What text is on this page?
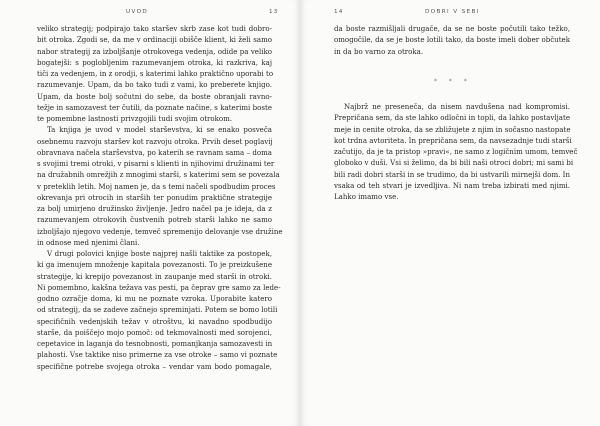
UVOD	13
veliko strategij; podpirajo tako staršev skrb zase kot tudi dobro-
bit otroka. Zgodi se, da me v ordinaciji obišče klient, ki želi samo
nabor strategij za izboljšanje otrokovega vedenja, odide pa veliko
bogatejši: s poglobljenim razumevanjem otroka, ki razkriva, kaj
tiči za vedenjem, in z orodji, s katerimi lahko praktično uporabi to
razumevanje. Upam, da bo tako tudi z vami, ko preberete knjigo.
Upam, da boste bolj sočutni do sebe, da boste obranjali ravno-
težje in samozavest ter čutili, da poznate načine, s katerimi boste
te pomembne lastnosti privzgojili tudi svojim otrokom.
Ta knjiga je uvod v model starševstva, ki se enako posveča
osebnemu razvoju staršev kot razvoju otroka. Prvih deset poglavij
obravnava načela starševstva, po katerih se ravnam sama – doma
s svojimi tremi otroki, v pisarni s klienti in njihovimi družinami ter
na družabnih omrežjih z mnogimi starši, s katerimi sem se povezala
v preteklih letih. Moj namen je, da s temi načeli spodbudim proces
okrevanja pri otrocih in starših ter ponudim praktične strategije
za bolj umirjeno družinsko življenje. Jedro načel pa je ideja, da z
razumevanjem otrokovih čustvenih potreb starši lahko ne samo
izboljšajo njegovo vedenje, temveč spremenijo delovanje vse družine
in odnose med njenimi člani.
V drugi polovici knjige boste najprej našli taktike za postopek,
ki ga imenujem množenje kapitala povezanosti. To je preizkušene
strategije, ki krepijo povezanost in zaupanje med starši in otroki.
Ni pomembno, kakšna težava vas pesti, pa čeprav gre samo za lede-
godno ozračje doma, ki mu ne poznate vzroka. Uporabite katero
od strategij, da se zadeve začnejo spreminjati. Potem se bomo lotili
specifičnih vedenjskih težav v otroštvu, ki navadno spodbudijo
starše, da poiščejo mojo pomoč: od tekmovalnosti med sorojenci,
cepetavice in laganja do tesnobnosti, pomanjkanja samozavesti in
plahosti. Vse taktike niso primerne za vse otroke – samo vi poznate
specifične potrebe svojega otroka – vendar vam bodo pomagale,
14	DOBRI V SEBI
da boste razmišljali drugače, da se ne boste počutili tako težko,
omogočile, da se je boste lotili tako, da boste imeli dober občutek
in da bo varno za otroka.
* * *
Najbrž ne preseneča, da nisem navdušena nad kompromisi.
Prepričana sem, da ste lahko odločni in topli, da lahko postavljate
meje in cenite otroka, da se zbližujete z njim in sočasno nastopate
kot trdna avtoriteta. In prepričana sem, da navsezadnje tudi starši
začutijo, da je ta pristop »pravi«, ne samo z logičnim umom, temveč
globoko v duši. Vsi si želimo, da bi bili naši otroci dobri; mi sami bi
bili radi dobri starši in se trudimo, da bi ustvarili mirnejši dom. In
vsaka od teh stvari je izvedljiva. Ni nam treba izbirati med njimi.
Lahko imamo vse.
